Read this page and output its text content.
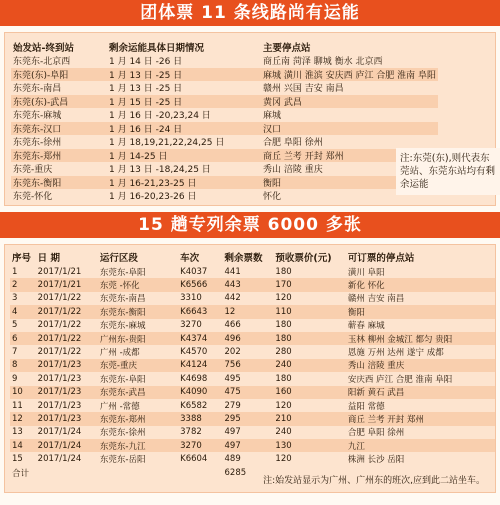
团体票 11 条线路尚有运能
始发站-终到站	剩余运能具体日期情况	主要停点站
东莞东-北京西	1 月 14 日 -26 日	商丘南 菏泽 聊城 衡水 北京西
东莞(东)-阜阳	1 月 13 日 -25 日	麻城 潢川 淮滨 安庆西 庐江 合肥 淮南 阜阳
东莞东-南昌	1 月 13 日 -25 日	赣州 兴国 吉安 南昌
东莞(东)-武昌	1 月 15 日 -25 日	黄冈 武昌
东莞东-麻城	1 月 16 日 -20,23,24 日	麻城
东莞东-汉口	1 月 16 日 -24 日	汉口
东莞东-徐州	1 月 18,19,21,22,24,25 日	合肥 阜阳 徐州
东莞东-郑州	1 月 14-25 日	商丘 兰考 开封 郑州
东莞-重庆	1 月 13 日 -18,24,25 日	秀山 涪陵 重庆
东莞东-衡阳	1 月 16-21,23-25 日	衡阳
东莞-怀化	1 月 16-20,23-26 日	怀化
注:东莞(东),则代表东莞站、东莞东站均有剩余运能
15 趟专列余票 6000 多张
序号	日 期	运行区段	车次	剩余票数	预收票价(元)	可订票的停点站
1	2017/1/21	东莞东-阜阳	K4037	441	180	潢川 阜阳
2	2017/1/21	东莞 -怀化	K6566	443	170	新化 怀化
3	2017/1/22	东莞东-南昌	3310	442	120	赣州 吉安 南昌
4	2017/1/22	东莞东-衡阳	K6643	12	110	衡阳
5	2017/1/22	东莞东-麻城	3270	466	180	蕲春 麻城
6	2017/1/22	广州东-贵阳	K4374	496	180	玉林 柳州 金城江 都匀 贵阳
7	2017/1/22	广州 -成都	K4570	202	280	恩施 万州 达州 遂宁 成都
8	2017/1/23	东莞-重庆	K4124	756	240	秀山 涪陵 重庆
9	2017/1/23	东莞东-阜阳	K4698	495	180	安庆西 庐江 合肥 淮南 阜阳
10	2017/1/23	东莞东-武昌	K4090	475	160	阳新 黄石 武昌
11	2017/1/23	广州 -常德	K6582	279	120	益阳 常德
12	2017/1/23	东莞东-郑州	3388	295	210	商丘 兰考 开封 郑州
13	2017/1/24	东莞东-徐州	3782	497	240	合肥 阜阳 徐州
14	2017/1/24	东莞东-九江	3270	497	130	九江
15	2017/1/24	东莞东-岳阳	K6604	489	120	株洲 长沙 岳阳
合计				6285		
注:始发站显示为广州、广州东的班次,应到此二站坐车。
